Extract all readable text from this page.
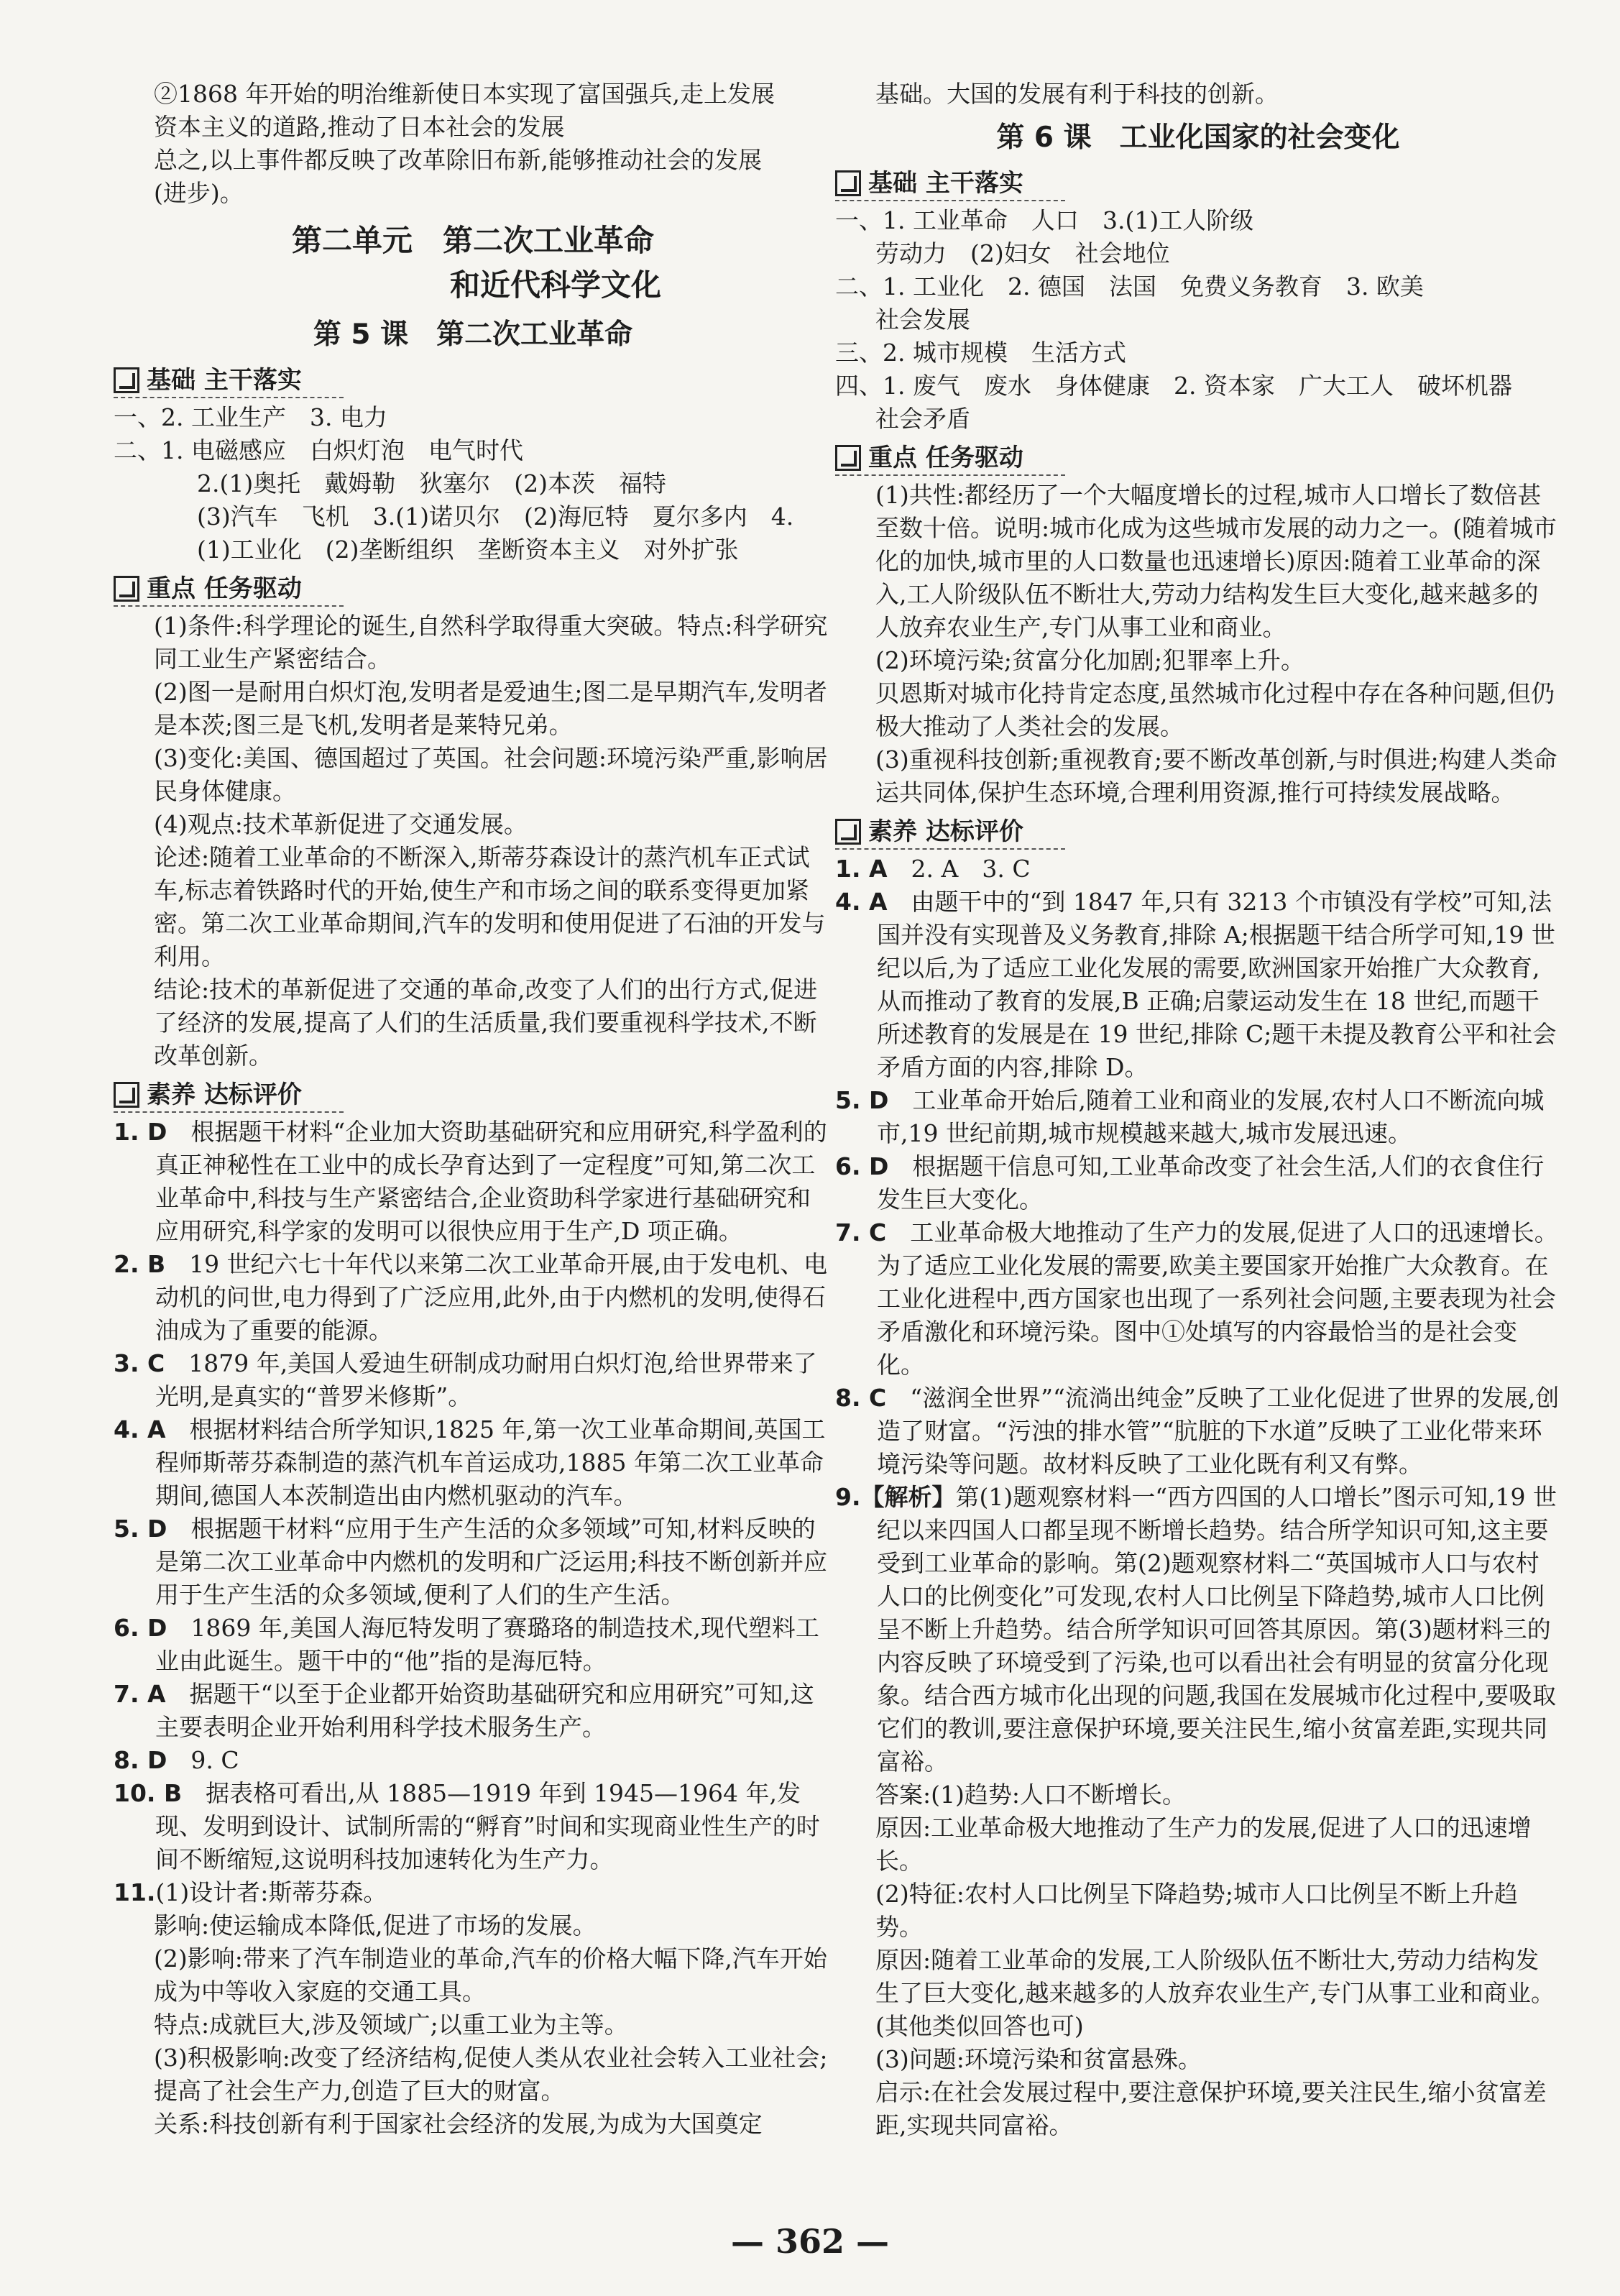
②1868 年开始的明治维新使日本实现了富国强兵,走上发展

资本主义的道路,推动了日本社会的发展

总之,以上事件都反映了改革除旧布新,能够推动社会的发展

(进步)。

第二单元　第二次工业革命
和近代科学文化
第 5 课　第二次工业革命
基础 主干落实

一、2. 工业生产　3. 电力

二、1. 电磁感应　白炽灯泡　电气时代

2.(1)奥托　戴姆勒　狄塞尔　(2)本茨　福特

(3)汽车　飞机　3.(1)诺贝尔　(2)海厄特　夏尔多内　4.

(1)工业化　(2)垄断组织　垄断资本主义　对外扩张

重点 任务驱动

(1)条件:科学理论的诞生,自然科学取得重大突破。特点:科学研究同工业生产紧密结合。

(2)图一是耐用白炽灯泡,发明者是爱迪生;图二是早期汽车,发明者是本茨;图三是飞机,发明者是莱特兄弟。

(3)变化:美国、德国超过了英国。社会问题:环境污染严重,影响居民身体健康。

(4)观点:技术革新促进了交通发展。

论述:随着工业革命的不断深入,斯蒂芬森设计的蒸汽机车正式试车,标志着铁路时代的开始,使生产和市场之间的联系变得更加紧密。第二次工业革命期间,汽车的发明和使用促进了石油的开发与利用。

结论:技术的革新促进了交通的革命,改变了人们的出行方式,促进了经济的发展,提高了人们的生活质量,我们要重视科学技术,不断改革创新。

素养 达标评价

1. D　 根据题干材料“企业加大资助基础研究和应用研究,科学盈利的真正神秘性在工业中的成长孕育达到了一定程度”可知,第二次工业革命中,科技与生产紧密结合,企业资助科学家进行基础研究和应用研究,科学家的发明可以很快应用于生产,D 项正确。

2. B　 19 世纪六七十年代以来第二次工业革命开展,由于发电机、电动机的问世,电力得到了广泛应用,此外,由于内燃机的发明,使得石油成为了重要的能源。

3. C　 1879 年,美国人爱迪生研制成功耐用白炽灯泡,给世界带来了光明,是真实的“普罗米修斯”。

4. A　 根据材料结合所学知识,1825 年,第一次工业革命期间,英国工程师斯蒂芬森制造的蒸汽机车首运成功,1885 年第二次工业革命期间,德国人本茨制造出由内燃机驱动的汽车。

5. D　 根据题干材料“应用于生产生活的众多领域”可知,材料反映的是第二次工业革命中内燃机的发明和广泛运用;科技不断创新并应用于生产生活的众多领域,便利了人们的生产生活。

6. D　 1869 年,美国人海厄特发明了赛璐珞的制造技术,现代塑料工业由此诞生。题干中的“他”指的是海厄特。

7. A　 据题干“以至于企业都开始资助基础研究和应用研究”可知,这主要表明企业开始利用科学技术服务生产。

8. D　 9. C

10. B　 据表格可看出,从 1885—1919 年到 1945—1964 年,发现、发明到设计、试制所需的“孵育”时间和实现商业性生产的时间不断缩短,这说明科技加速转化为生产力。

11.(1)设计者:斯蒂芬森。

影响:使运输成本降低,促进了市场的发展。

(2)影响:带来了汽车制造业的革命,汽车的价格大幅下降,汽车开始成为中等收入家庭的交通工具。

特点:成就巨大,涉及领域广;以重工业为主等。

(3)积极影响:改变了经济结构,促使人类从农业社会转入工业社会;提高了社会生产力,创造了巨大的财富。

关系:科技创新有利于国家社会经济的发展,为成为大国奠定

基础。大国的发展有利于科技的创新。

第 6 课　工业化国家的社会变化
基础 主干落实

一、1. 工业革命　人口　3.(1)工人阶级

劳动力　(2)妇女　社会地位

二、1. 工业化　2. 德国　法国　免费义务教育　3. 欧美

社会发展

三、2. 城市规模　生活方式

四、1. 废气　废水　身体健康　2. 资本家　广大工人　破坏机器

社会矛盾

重点 任务驱动

(1)共性:都经历了一个大幅度增长的过程,城市人口增长了数倍甚至数十倍。说明:城市化成为这些城市发展的动力之一。(随着城市化的加快,城市里的人口数量也迅速增长)原因:随着工业革命的深入,工人阶级队伍不断壮大,劳动力结构发生巨大变化,越来越多的人放弃农业生产,专门从事工业和商业。

(2)环境污染;贫富分化加剧;犯罪率上升。

贝恩斯对城市化持肯定态度,虽然城市化过程中存在各种问题,但仍极大推动了人类社会的发展。

(3)重视科技创新;重视教育;要不断改革创新,与时俱进;构建人类命运共同体,保护生态环境,合理利用资源,推行可持续发展战略。

素养 达标评价

1. A　 2. A　3. C

4. A　 由题干中的“到 1847 年,只有 3213 个市镇没有学校”可知,法国并没有实现普及义务教育,排除 A;根据题干结合所学可知,19 世纪以后,为了适应工业化发展的需要,欧洲国家开始推广大众教育,从而推动了教育的发展,B 正确;启蒙运动发生在 18 世纪,而题干所述教育的发展是在 19 世纪,排除 C;题干未提及教育公平和社会矛盾方面的内容,排除 D。

5. D　 工业革命开始后,随着工业和商业的发展,农村人口不断流向城市,19 世纪前期,城市规模越来越大,城市发展迅速。

6. D　 根据题干信息可知,工业革命改变了社会生活,人们的衣食住行发生巨大变化。

7. C　 工业革命极大地推动了生产力的发展,促进了人口的迅速增长。为了适应工业化发展的需要,欧美主要国家开始推广大众教育。在工业化进程中,西方国家也出现了一系列社会问题,主要表现为社会矛盾激化和环境污染。图中①处填写的内容最恰当的是社会变化。

8. C　 “滋润全世界”“流淌出纯金”反映了工业化促进了世界的发展,创造了财富。“污浊的排水管”“肮脏的下水道”反映了工业化带来环境污染等问题。故材料反映了工业化既有利又有弊。

9.【解析】第(1)题观察材料一“西方四国的人口增长”图示可知,19 世纪以来四国人口都呈现不断增长趋势。结合所学知识可知,这主要受到工业革命的影响。第(2)题观察材料二“英国城市人口与农村人口的比例变化”可发现,农村人口比例呈下降趋势,城市人口比例呈不断上升趋势。结合所学知识可回答其原因。第(3)题材料三的内容反映了环境受到了污染,也可以看出社会有明显的贫富分化现象。结合西方城市化出现的问题,我国在发展城市化过程中,要吸取它们的教训,要注意保护环境,要关注民生,缩小贫富差距,实现共同富裕。

答案:(1)趋势:人口不断增长。

原因:工业革命极大地推动了生产力的发展,促进了人口的迅速增长。

(2)特征:农村人口比例呈下降趋势;城市人口比例呈不断上升趋势。

原因:随着工业革命的发展,工人阶级队伍不断壮大,劳动力结构发生了巨大变化,越来越多的人放弃农业生产,专门从事工业和商业。(其他类似回答也可)

(3)问题:环境污染和贫富悬殊。

启示:在社会发展过程中,要注意保护环境,要关注民生,缩小贫富差距,实现共同富裕。

— 362 —
